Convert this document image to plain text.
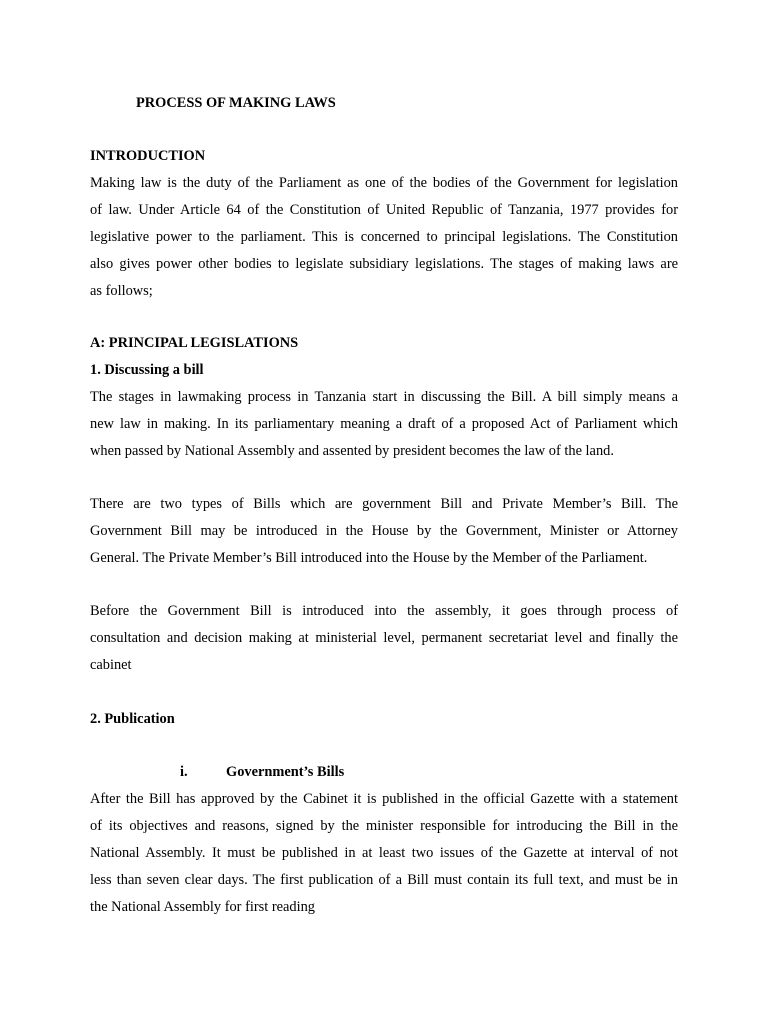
PROCESS OF MAKING LAWS
INTRODUCTION
Making law is the duty of the Parliament as one of the bodies of the Government for legislation
of law. Under Article 64 of the Constitution of United Republic of Tanzania, 1977 provides for
legislative power to the parliament. This is concerned to principal legislations. The Constitution
also gives power other bodies to legislate subsidiary legislations. The stages of making laws are
as follows;
A: PRINCIPAL LEGISLATIONS
1. Discussing a bill
The stages in lawmaking process in Tanzania start in discussing the Bill. A bill simply means a
new law in making. In its parliamentary meaning a draft of a proposed Act of Parliament which
when passed by National Assembly and assented by president becomes the law of the land.
There are two types of Bills which are government Bill and Private Member’s Bill. The
Government Bill may be introduced in the House by the Government, Minister or Attorney
General. The Private Member’s Bill introduced into the House by the Member of the Parliament.
Before the Government Bill is introduced into the assembly, it goes through process of
consultation and decision making at ministerial level, permanent secretariat level and finally the
cabinet
2. Publication
i.	Government’s Bills
After the Bill has approved by the Cabinet it is published in the official Gazette with a statement
of its objectives and reasons, signed by the minister responsible for introducing the Bill in the
National Assembly. It must be published in at least two issues of the Gazette at interval of not
less than seven clear days. The first publication of a Bill must contain its full text, and must be in
the National Assembly for first reading
